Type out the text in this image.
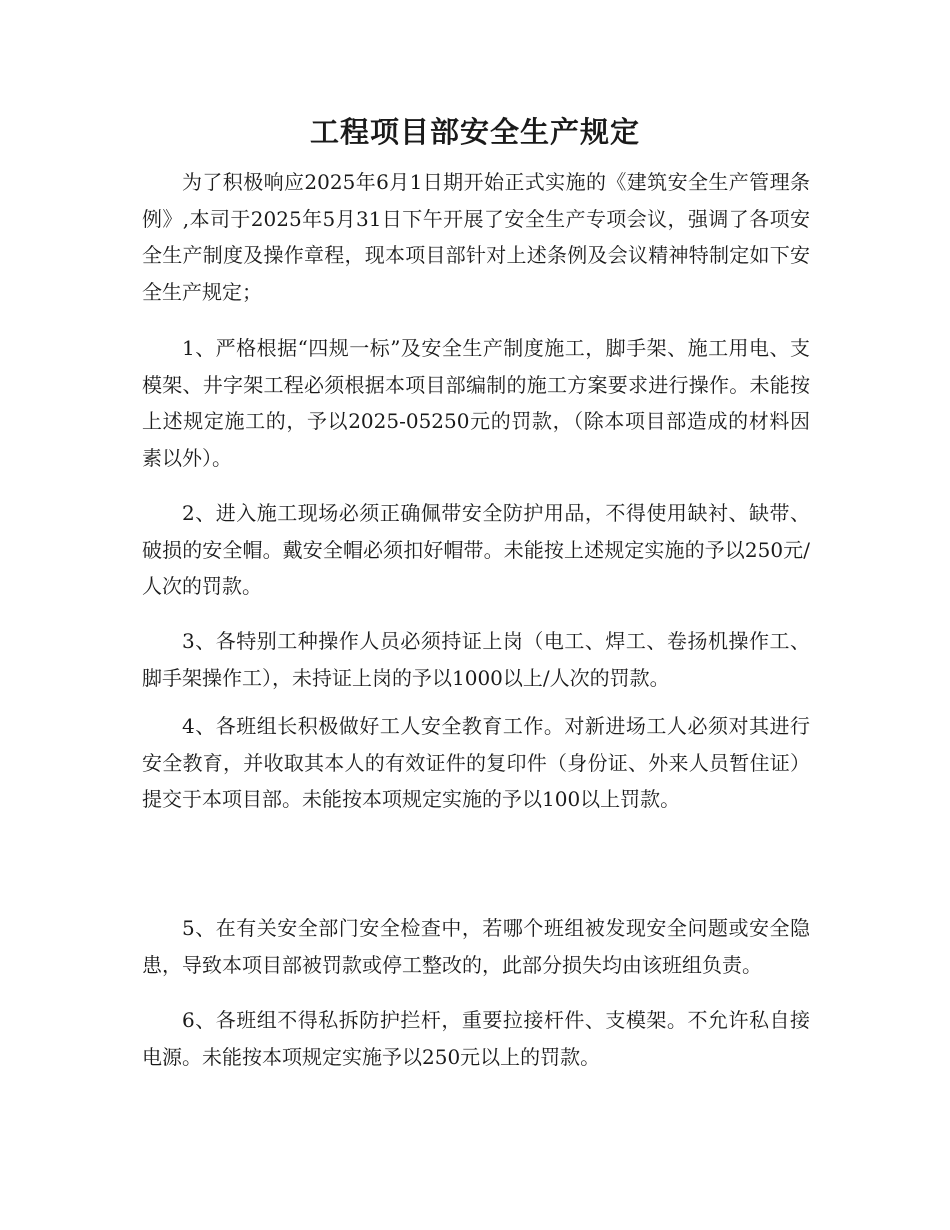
工程项目部安全生产规定

为了积极响应2025年6月1日期开始正式实施的《建筑安全生产管理条例》,本司于2025年5月31日下午开展了安全生产专项会议，强调了各项安全生产制度及操作章程，现本项目部针对上述条例及会议精神特制定如下安全生产规定；

1、严格根据“四规一标”及安全生产制度施工，脚手架、施工用电、支模架、井字架工程必须根据本项目部编制的施工方案要求进行操作。未能按上述规定施工的，予以2025-05250元的罚款，（除本项目部造成的材料因素以外）。

2、进入施工现场必须正确佩带安全防护用品，不得使用缺衬、缺带、破损的安全帽。戴安全帽必须扣好帽带。未能按上述规定实施的予以250元/人次的罚款。

3、各特别工种操作人员必须持证上岗（电工、焊工、卷扬机操作工、脚手架操作工），未持证上岗的予以1000以上/人次的罚款。

4、各班组长积极做好工人安全教育工作。对新进场工人必须对其进行安全教育，并收取其本人的有效证件的复印件（身份证、外来人员暂住证）提交于本项目部。未能按本项规定实施的予以100以上罚款。

5、在有关安全部门安全检查中，若哪个班组被发现安全问题或安全隐患，导致本项目部被罚款或停工整改的，此部分损失均由该班组负责。

6、各班组不得私拆防护拦杆，重要拉接杆件、支模架。不允许私自接电源。未能按本项规定实施予以250元以上的罚款。
